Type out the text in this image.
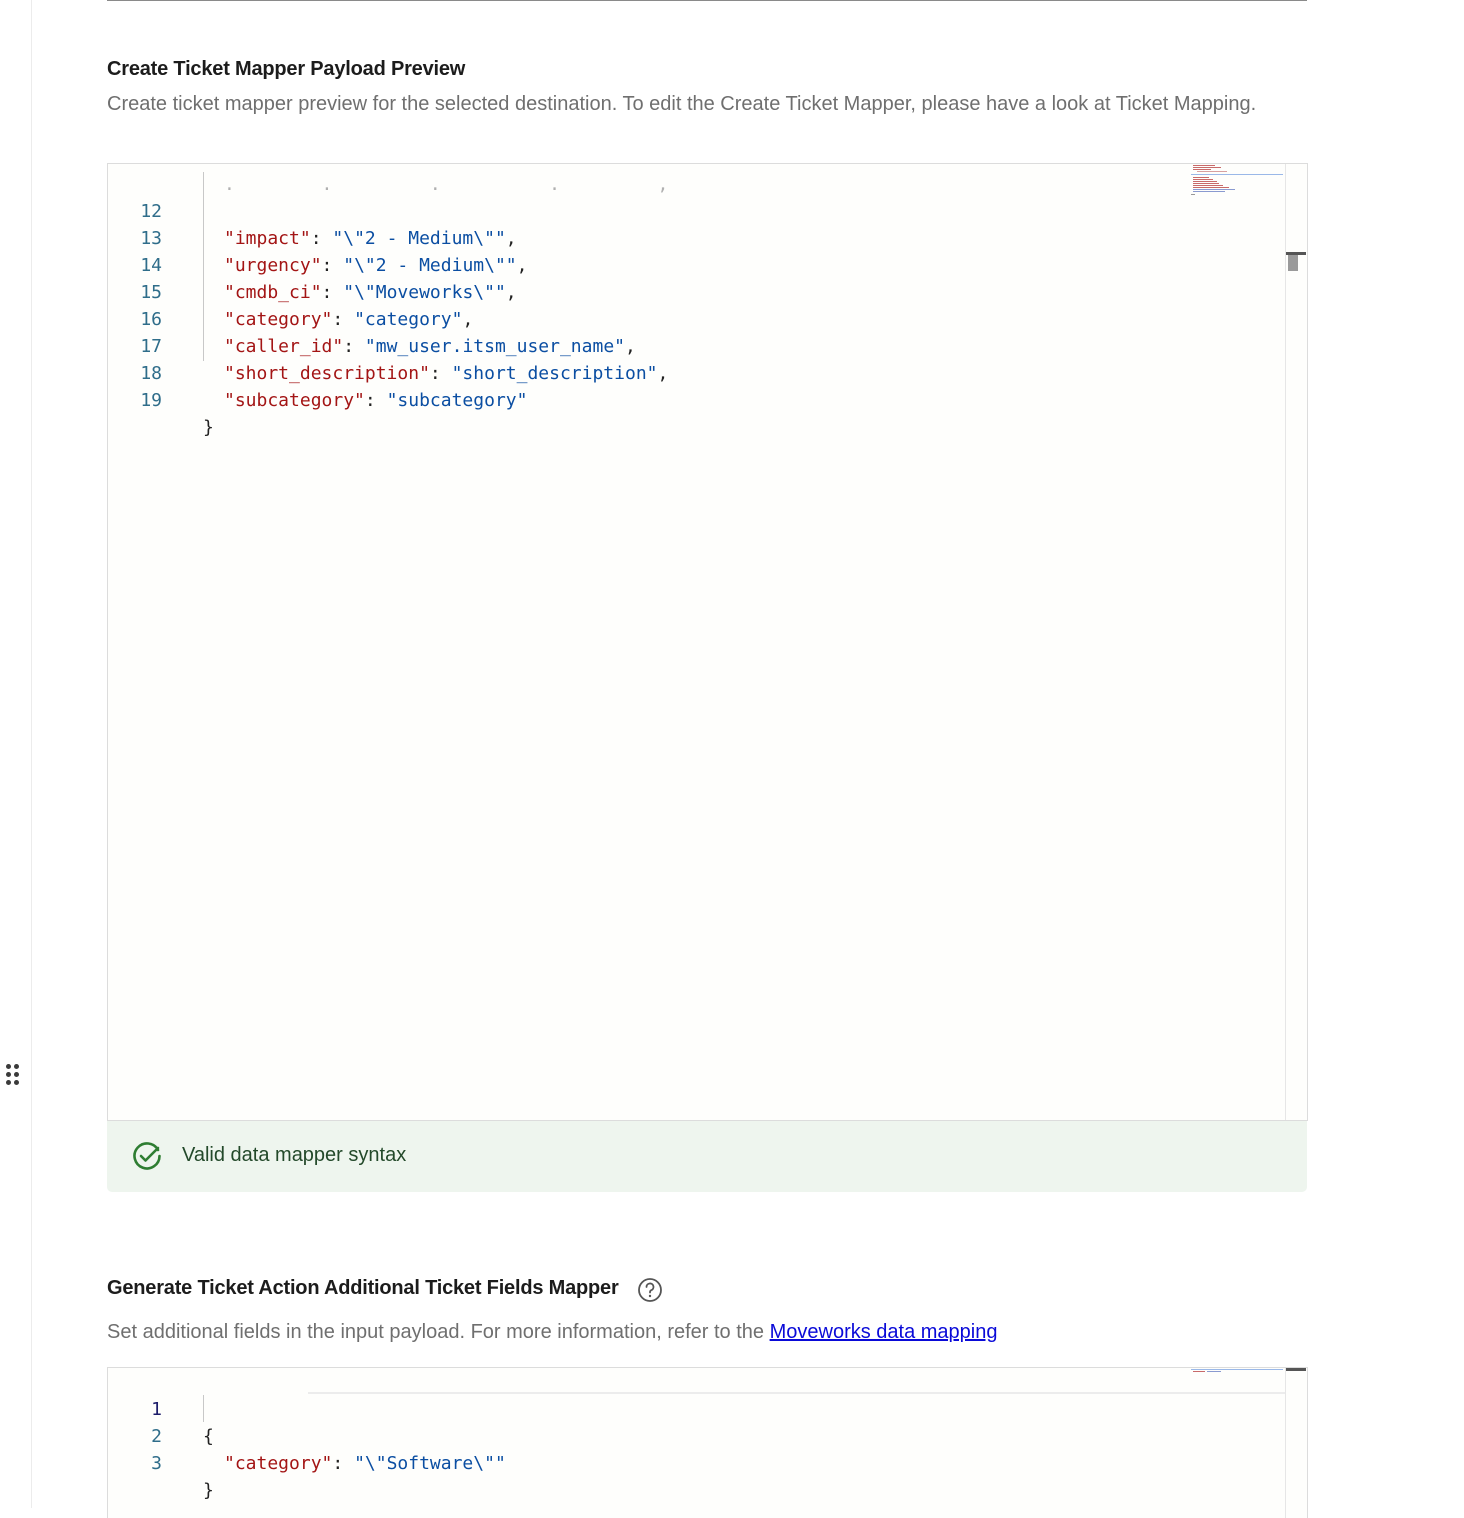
Create Ticket Mapper Payload Preview
Create ticket mapper preview for the selected destination. To edit the Create Ticket Mapper, please have a look at Ticket Mapping.

.        .         .          .         ,

12

"impact": "\"2 - Medium\"",

13

"urgency": "\"2 - Medium\"",

14

"cmdb_ci": "\"Moveworks\"",

15

"category": "category",

16

"caller_id": "mw_user.itsm_user_name",

17

"short_description": "short_description",

18

"subcategory": "subcategory"

19

}

Valid data mapper syntax
Generate Ticket Action Additional Ticket Fields Mapper
Set additional fields in the input payload. For more information, refer to the Moveworks data mapping

1

{

2

"category": "\"Software\""

3

}
